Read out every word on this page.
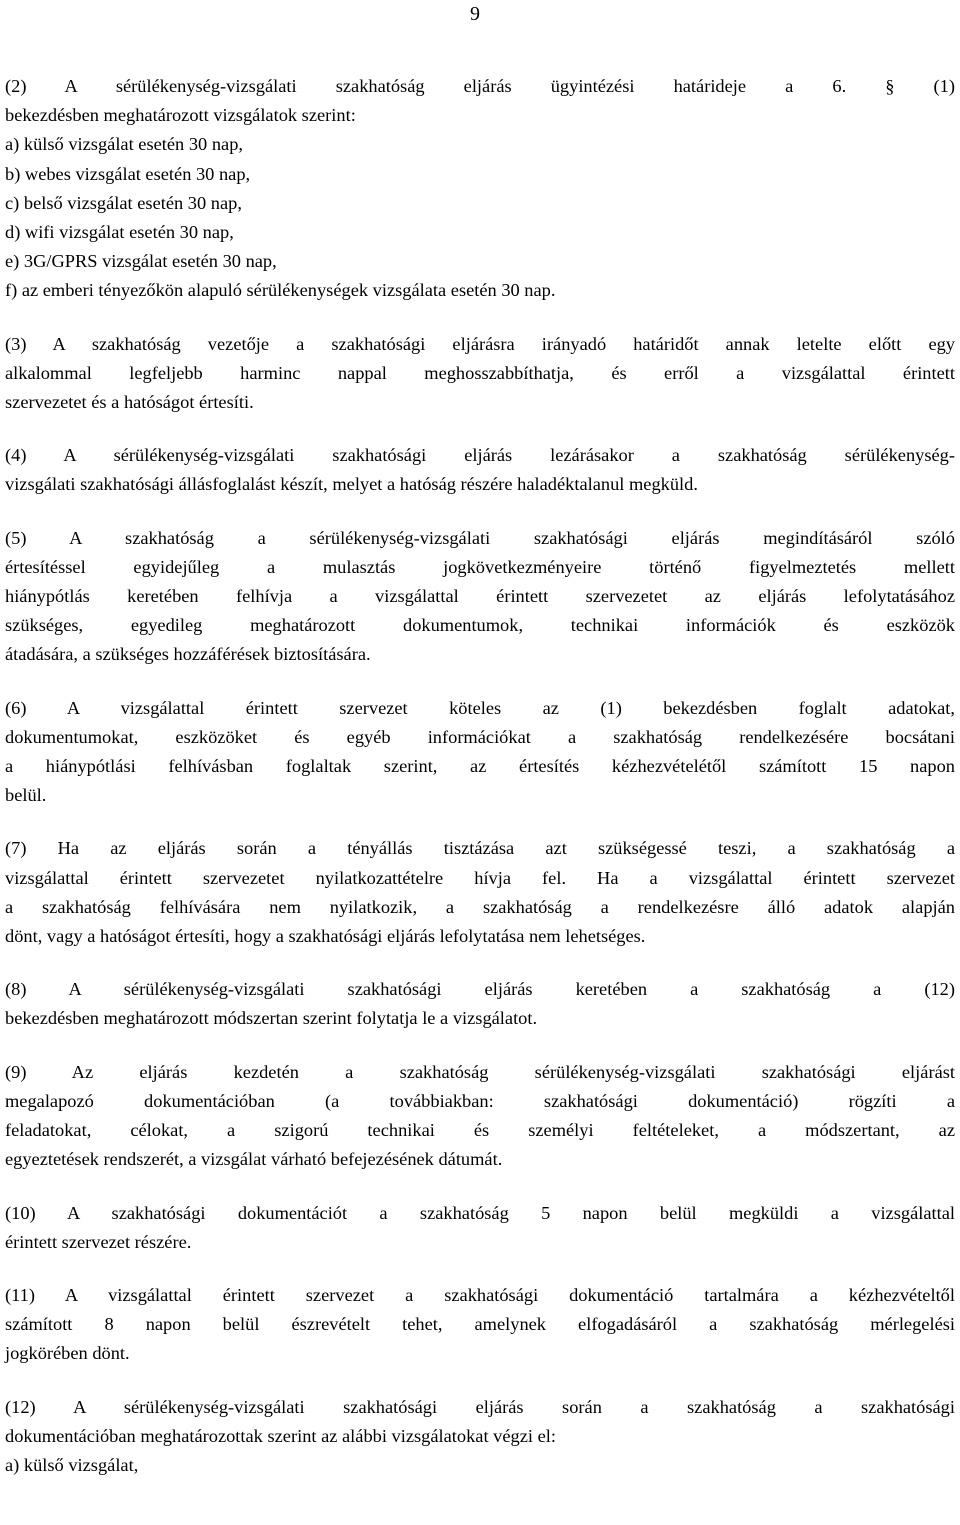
9
(2) A sérülékenység-vizsgálati szakhatóság eljárás ügyintézési határideje a 6. § (1)
bekezdésben meghatározott vizsgálatok szerint:
a) külső vizsgálat esetén 30 nap,
b) webes vizsgálat esetén 30 nap,
c) belső vizsgálat esetén 30 nap,
d) wifi vizsgálat esetén 30 nap,
e) 3G/GPRS vizsgálat esetén 30 nap,
f) az emberi tényezőkön alapuló sérülékenységek vizsgálata esetén 30 nap.
(3) A szakhatóság vezetője a szakhatósági eljárásra irányadó határidőt annak letelte előtt egy
alkalommal legfeljebb harminc nappal meghosszabbíthatja, és erről a vizsgálattal érintett
szervezetet és a hatóságot értesíti.
(4) A sérülékenység-vizsgálati szakhatósági eljárás lezárásakor a szakhatóság sérülékenység-
vizsgálati szakhatósági állásfoglalást készít, melyet a hatóság részére haladéktalanul megküld.
(5) A szakhatóság a sérülékenység-vizsgálati szakhatósági eljárás megindításáról szóló
értesítéssel egyidejűleg a mulasztás jogkövetkezményeire történő figyelmeztetés mellett
hiánypótlás keretében felhívja a vizsgálattal érintett szervezetet az eljárás lefolytatásához
szükséges, egyedileg meghatározott dokumentumok, technikai információk és eszközök
átadására, a szükséges hozzáférések biztosítására.
(6) A vizsgálattal érintett szervezet köteles az (1) bekezdésben foglalt adatokat,
dokumentumokat, eszközöket és egyéb információkat a szakhatóság rendelkezésére bocsátani
a hiánypótlási felhívásban foglaltak szerint, az értesítés kézhezvételétől számított 15 napon
belül.
(7) Ha az eljárás során a tényállás tisztázása azt szükségessé teszi, a szakhatóság a
vizsgálattal érintett szervezetet nyilatkozattételre hívja fel. Ha a vizsgálattal érintett szervezet
a szakhatóság felhívására nem nyilatkozik, a szakhatóság a rendelkezésre álló adatok alapján
dönt, vagy a hatóságot értesíti, hogy a szakhatósági eljárás lefolytatása nem lehetséges.
(8) A sérülékenység-vizsgálati szakhatósági eljárás keretében a szakhatóság a (12)
bekezdésben meghatározott módszertan szerint folytatja le a vizsgálatot.
(9) Az eljárás kezdetén a szakhatóság sérülékenység-vizsgálati szakhatósági eljárást
megalapozó dokumentációban (a továbbiakban: szakhatósági dokumentáció) rögzíti a
feladatokat, célokat, a szigorú technikai és személyi feltételeket, a módszertant, az
egyeztetések rendszerét, a vizsgálat várható befejezésének dátumát.
(10) A szakhatósági dokumentációt a szakhatóság 5 napon belül megküldi a vizsgálattal
érintett szervezet részére.
(11) A vizsgálattal érintett szervezet a szakhatósági dokumentáció tartalmára a kézhezvételtől
számított 8 napon belül észrevételt tehet, amelynek elfogadásáról a szakhatóság mérlegelési
jogkörében dönt.
(12) A sérülékenység-vizsgálati szakhatósági eljárás során a szakhatóság a szakhatósági
dokumentációban meghatározottak szerint az alábbi vizsgálatokat végzi el:
a) külső vizsgálat,
